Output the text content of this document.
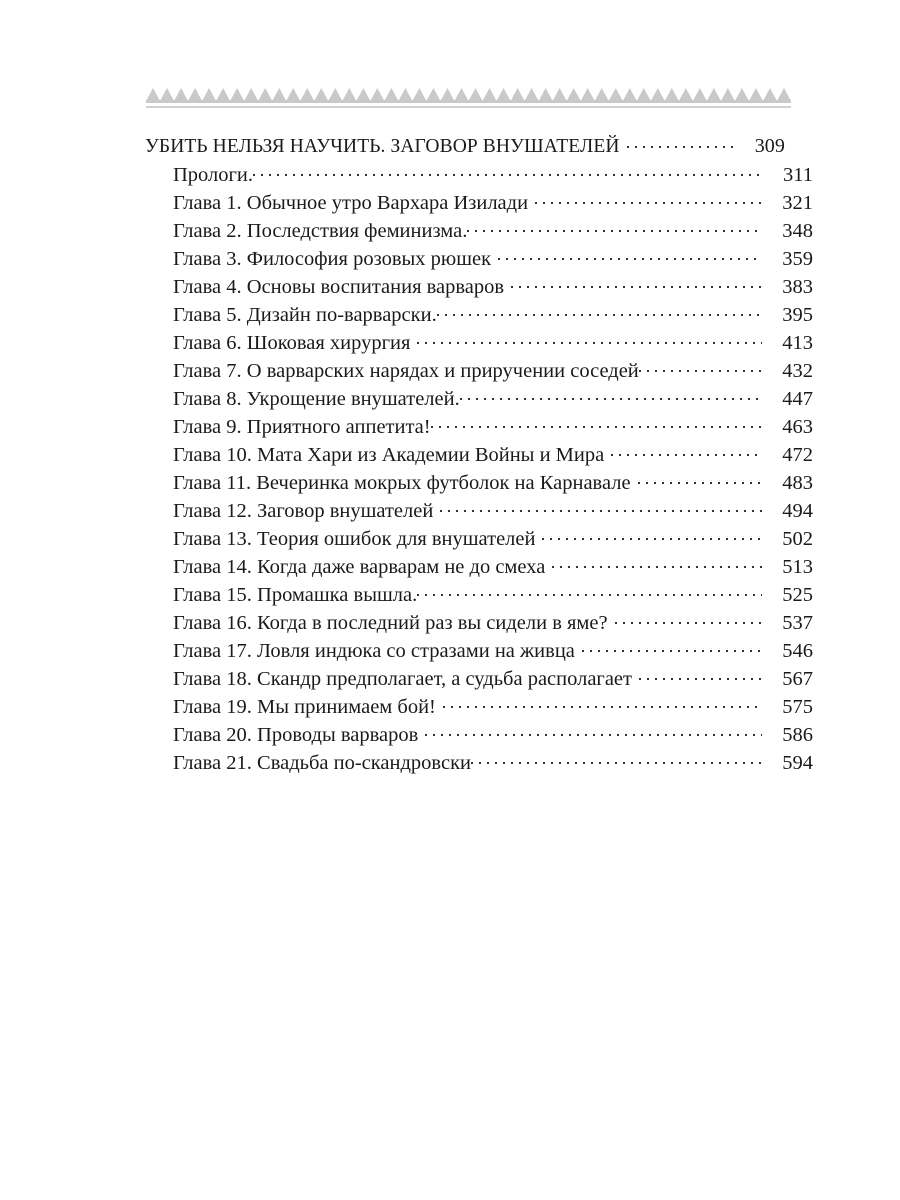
УБИТЬ НЕЛЬЗЯ НАУЧИТЬ. ЗАГОВОР ВНУШАТЕЛЕЙ	309
Прологи.	311
Глава 1. Обычное утро Вархара Изилади	321
Глава 2. Последствия феминизма.	348
Глава 3. Философия розовых рюшек	359
Глава 4. Основы воспитания варваров	383
Глава 5. Дизайн по-варварски.	395
Глава 6. Шоковая хирургия	413
Глава 7. О варварских нарядах и приручении соседей	432
Глава 8. Укрощение внушателей.	447
Глава 9. Приятного аппетита!	463
Глава 10. Мата Хари из Академии Войны и Мира	472
Глава 11. Вечеринка мокрых футболок на Карнавале	483
Глава 12. Заговор внушателей	494
Глава 13. Теория ошибок для внушателей	502
Глава 14. Когда даже варварам не до смеха	513
Глава 15. Промашка вышла.	525
Глава 16. Когда в последний раз вы сидели в яме?	537
Глава 17. Ловля индюка со стразами на живца	546
Глава 18. Скандр предполагает, а судьба располагает	567
Глава 19. Мы принимаем бой!	575
Глава 20. Проводы варваров	586
Глава 21. Свадьба по-скандровски	594
